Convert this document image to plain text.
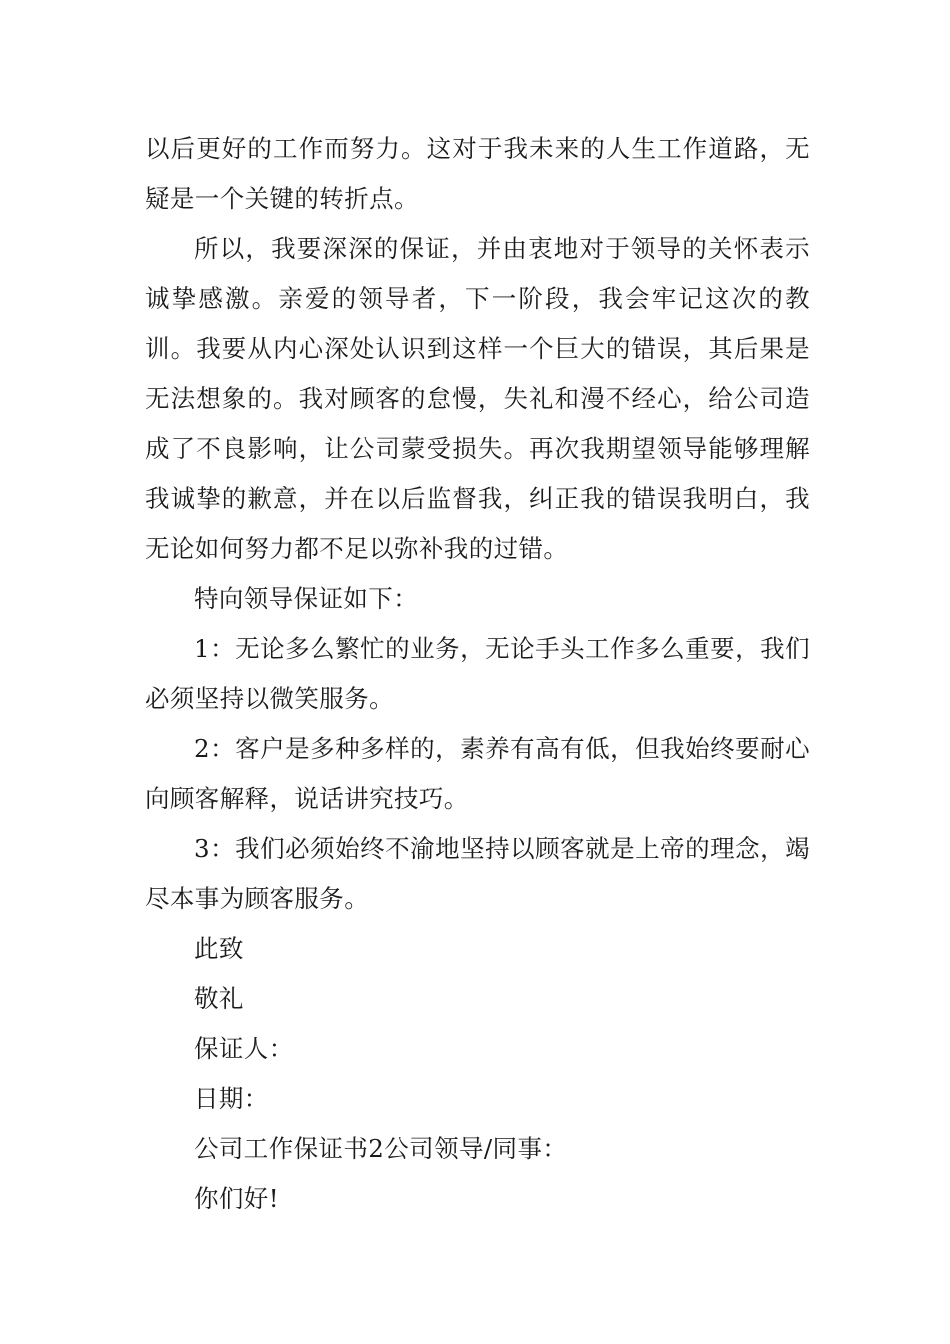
以后更好的工作而努力。这对于我未来的人生工作道路，无疑是一个关键的转折点。

所以，我要深深的保证，并由衷地对于领导的关怀表示诚挚感激。亲爱的领导者，下一阶段，我会牢记这次的教训。我要从内心深处认识到这样一个巨大的错误，其后果是无法想象的。我对顾客的怠慢，失礼和漫不经心，给公司造成了不良影响，让公司蒙受损失。再次我期望领导能够理解我诚挚的歉意，并在以后监督我，纠正我的错误我明白，我无论如何努力都不足以弥补我的过错。

特向领导保证如下：

1：无论多么繁忙的业务，无论手头工作多么重要，我们必须坚持以微笑服务。

2：客户是多种多样的，素养有高有低，但我始终要耐心向顾客解释，说话讲究技巧。

3：我们必须始终不渝地坚持以顾客就是上帝的理念，竭尽本事为顾客服务。

此致

敬礼

保证人：

日期：

公司工作保证书2公司领导/同事：

你们好!
